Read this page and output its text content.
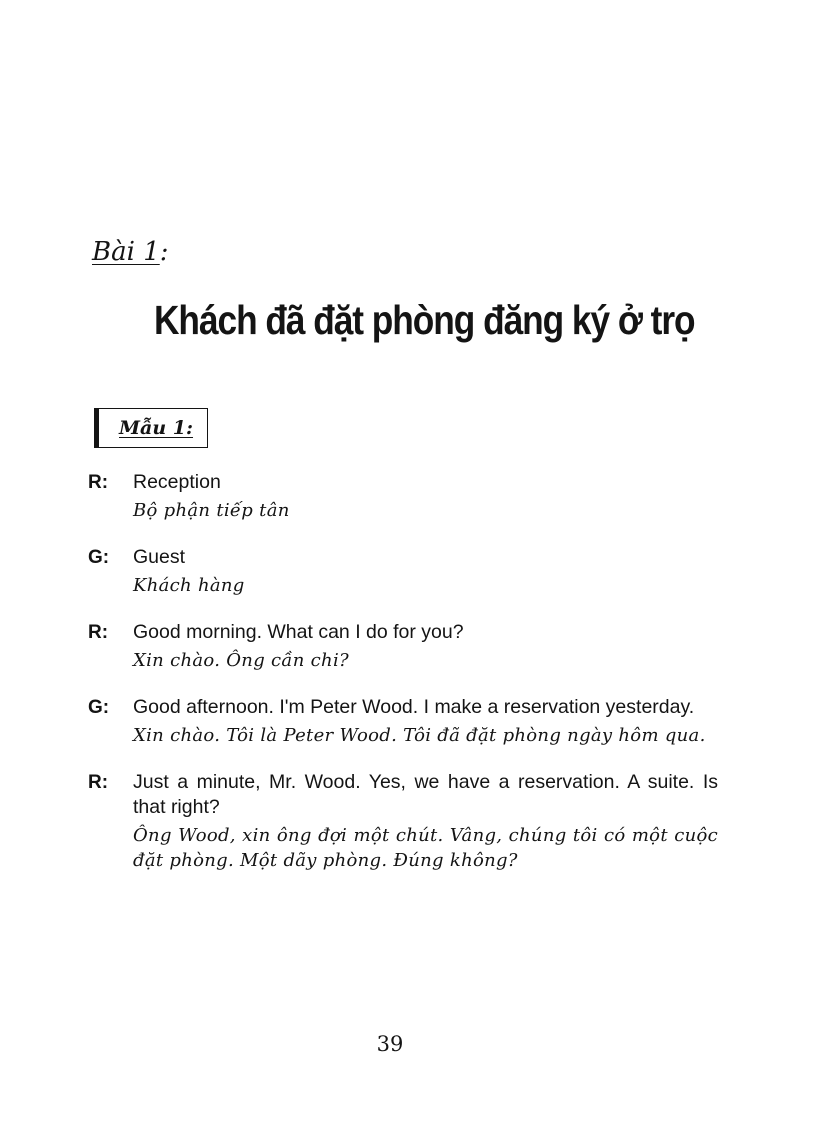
Bài 1:
Khách đã đặt phòng đăng ký ở trọ
Mẫu 1:
R:	Reception
Bộ phận tiếp tân
G:	Guest
Khách hàng
R:	Good morning. What can I do for you?
Xin chào. Ông cần chi?
G:	Good afternoon. I'm Peter Wood. I make a reservation yesterday.
Xin chào. Tôi là Peter Wood. Tôi đã đặt phòng ngày hôm qua.
R:	Just a minute, Mr. Wood. Yes, we have a reservation. A suite. Is that right?
Ông Wood, xin ông đợi một chút. Vâng, chúng tôi có một cuộc đặt phòng. Một dãy phòng. Đúng không?
39
